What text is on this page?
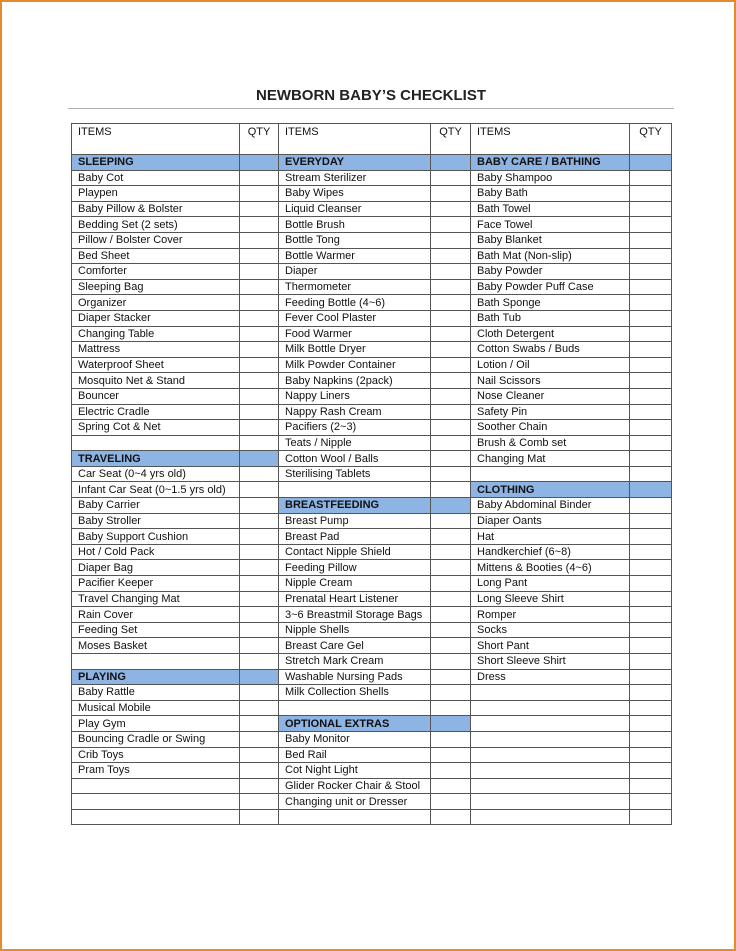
NEWBORN BABY’S CHECKLIST
ITEMS	QTY	ITEMS	QTY	ITEMS	QTY
SLEEPING		EVERYDAY		BABY CARE / BATHING	
Baby Cot		Stream Sterilizer		Baby Shampoo	
Playpen		Baby Wipes		Baby Bath	
Baby Pillow & Bolster		Liquid Cleanser		Bath Towel	
Bedding Set (2 sets)		Bottle Brush		Face Towel	
Pillow / Bolster Cover		Bottle Tong		Baby Blanket	
Bed Sheet		Bottle Warmer		Bath Mat (Non-slip)	
Comforter		Diaper		Baby Powder	
Sleeping Bag		Thermometer		Baby Powder Puff Case	
Organizer		Feeding Bottle (4~6)		Bath Sponge	
Diaper Stacker		Fever Cool Plaster		Bath Tub	
Changing Table		Food Warmer		Cloth Detergent	
Mattress		Milk Bottle Dryer		Cotton Swabs / Buds	
Waterproof Sheet		Milk Powder Container		Lotion / Oil	
Mosquito Net & Stand		Baby Napkins (2pack)		Nail Scissors	
Bouncer		Nappy Liners		Nose Cleaner	
Electric Cradle		Nappy Rash Cream		Safety Pin	
Spring Cot & Net		Pacifiers (2~3)		Soother Chain	
		Teats / Nipple		Brush & Comb set	
TRAVELING		Cotton Wool / Balls		Changing Mat	
Car Seat (0~4 yrs old)		Sterilising Tablets			
Infant Car Seat (0~1.5 yrs old)				CLOTHING	
Baby Carrier		BREASTFEEDING		Baby Abdominal Binder	
Baby Stroller		Breast Pump		Diaper Oants	
Baby Support Cushion		Breast Pad		Hat	
Hot / Cold Pack		Contact Nipple Shield		Handkerchief (6~8)	
Diaper Bag		Feeding Pillow		Mittens & Booties (4~6)	
Pacifier Keeper		Nipple Cream		Long Pant	
Travel Changing Mat		Prenatal Heart Listener		Long Sleeve Shirt	
Rain Cover		3~6 Breastmil Storage Bags		Romper	
Feeding Set		Nipple Shells		Socks	
Moses Basket		Breast Care Gel		Short Pant	
		Stretch Mark Cream		Short Sleeve Shirt	
PLAYING		Washable Nursing Pads		Dress	
Baby Rattle		Milk Collection Shells			
Musical Mobile					
Play Gym		OPTIONAL EXTRAS			
Bouncing Cradle or Swing		Baby Monitor			
Crib Toys		Bed Rail			
Pram Toys		Cot Night Light			
		Glider Rocker Chair & Stool			
		Changing unit or Dresser			
